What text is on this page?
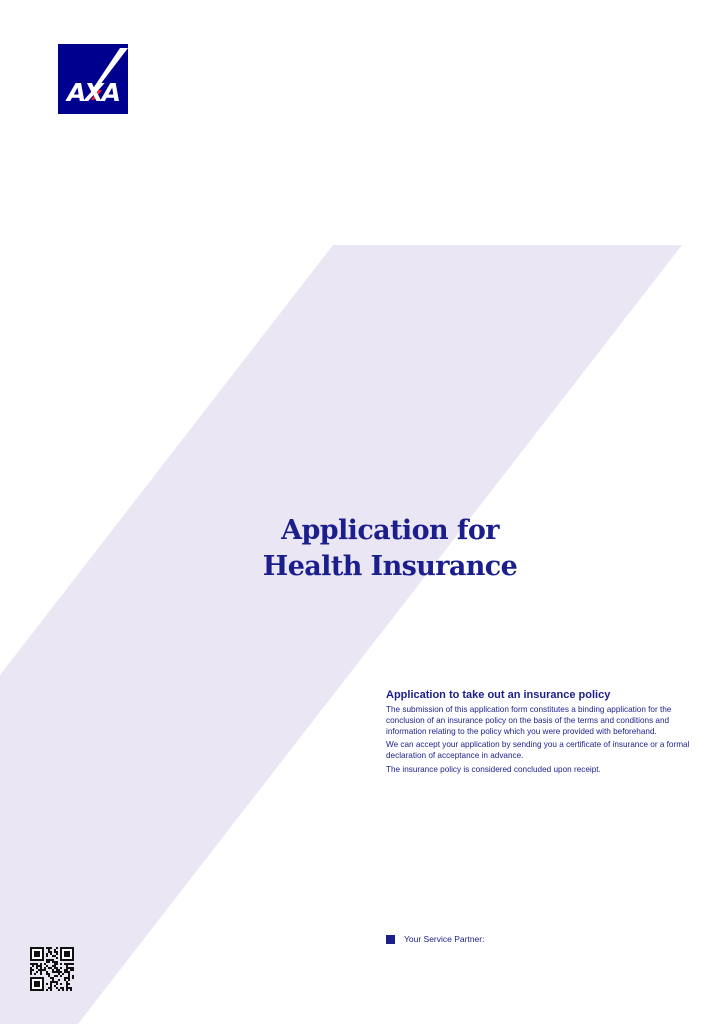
AXA
Application for
Health Insurance
Application to take out an insurance policy

The submission of this application form constitutes a binding application for the conclusion of an insurance policy on the basis of the terms and conditions and information relating to the policy which you were provided with beforehand.

We can accept your application by sending you a certificate of insurance or a formal declaration of acceptance in advance.

The insurance policy is considered concluded upon receipt.

Your Service Partner:
